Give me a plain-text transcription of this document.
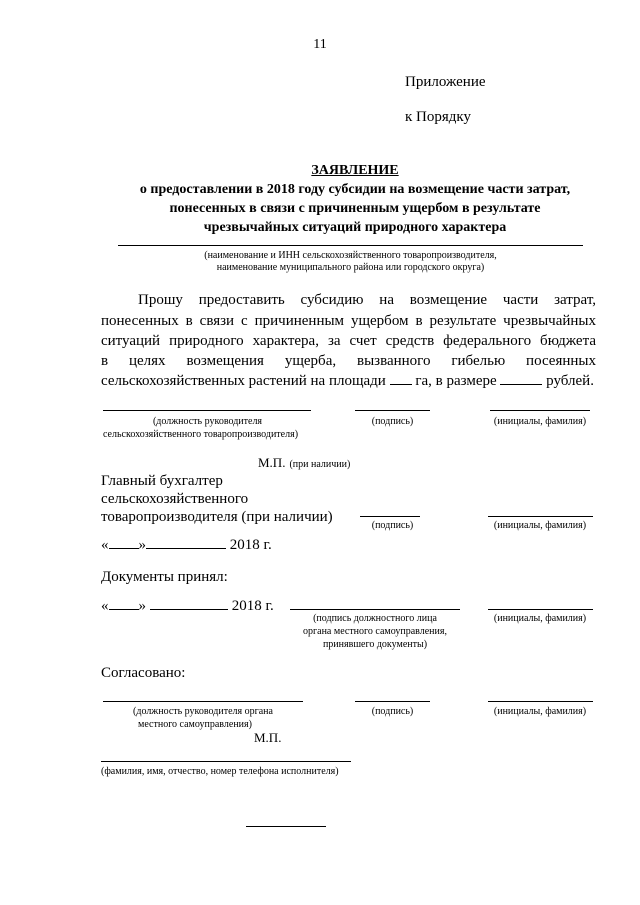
11
Приложение
к Порядку
ЗАЯВЛЕНИЕ
о предоставлении в 2018 году субсидии на возмещение части затрат,
понесенных в связи с причиненным ущербом в результате
чрезвычайных ситуаций природного характера
(наименование и ИНН сельскохозяйственного товаропроизводителя,
наименование муниципального района или городского округа)
Прошу предоставить субсидию на возмещение части затрат,
понесенных в связи с причиненным ущербом в результате чрезвычайных
ситуаций природного характера, за счет средств федерального бюджета
в целях возмещения ущерба, вызванного гибелью посеянных
сельскохозяйственных растений на площади га, в размере	рублей.
(должность руководителя
сельскохозяйственного товаропроизводителя)
(подпись)	(инициалы, фамилия)
М.П. (при наличии)
Главный бухгалтер
сельскохозяйственного
товаропроизводителя (при наличии)
(подпись)	(инициалы, фамилия)
« »	2018 г.
Документы принял:
« »	2018 г.
(подпись должностного лица
органа местного самоуправления,
принявшего документы)
(инициалы, фамилия)
Согласовано:
(должность руководителя органа
местного самоуправления)
(подпись)	(инициалы, фамилия)
М.П.
(фамилия, имя, отчество, номер телефона исполнителя)
